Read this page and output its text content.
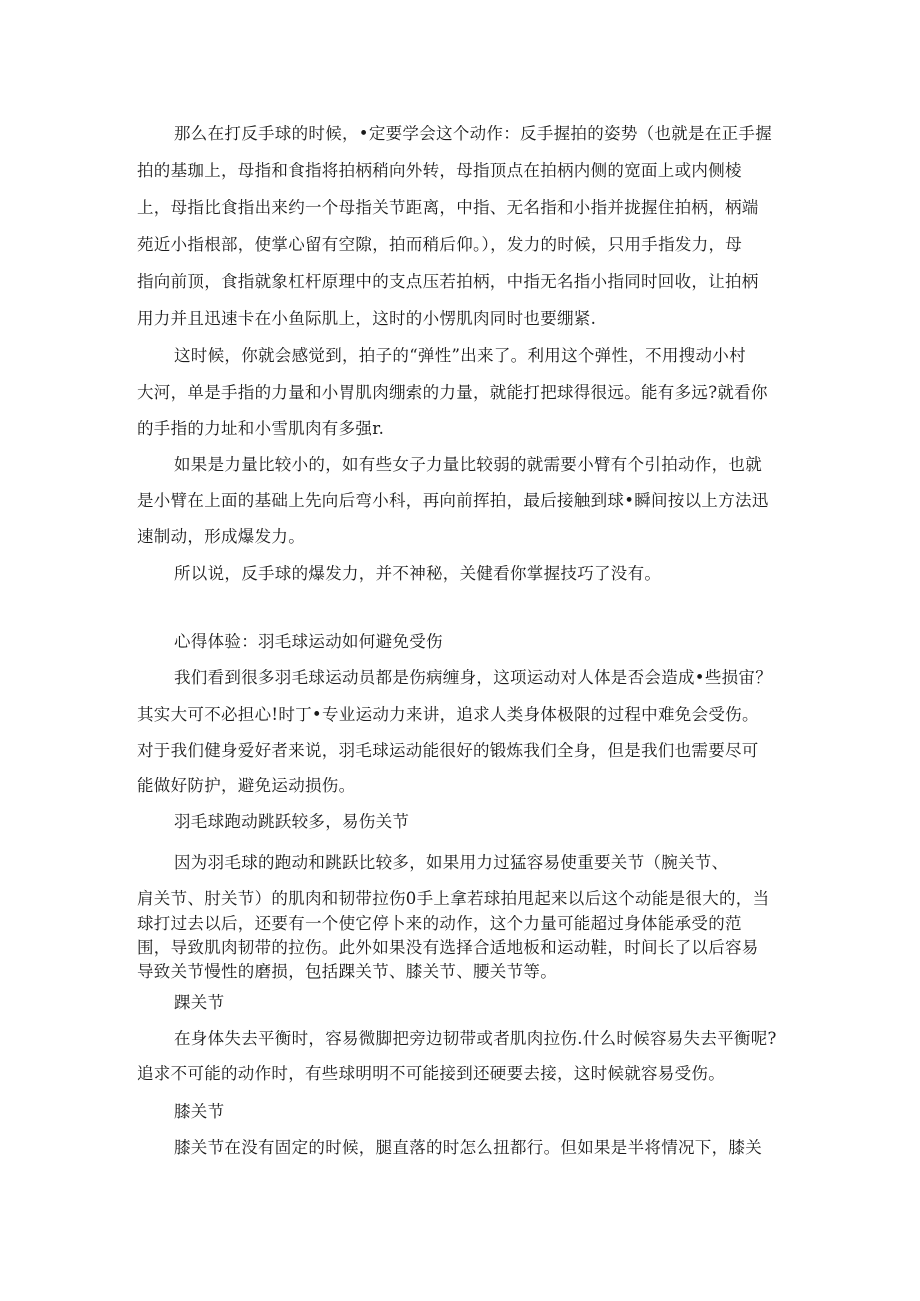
那么在打反手球的时候，•定要学会这个动作：反手握拍的姿势（也就是在正手握
拍的基珈上，母指和食指将拍柄稍向外转，母指顶点在拍柄内侧的宽面上或内侧棱
上，母指比食指出来约一个母指关节距离，中指、无名指和小指并拢握住拍柄，柄端
苑近小指根部，使掌心留有空隙，拍而稍后仰。），发力的时候，只用手指发力，母
指向前顶，食指就象杠杆原理中的支点压若拍柄，中指无名指小指同时回收，让拍柄
用力并且迅速卡在小鱼际肌上，这时的小愣肌肉同时也要绷紧.
这时候，你就会感觉到，拍子的“弹性”出来了。利用这个弹性，不用搜动小村
大河，单是手指的力量和小胃肌肉绷索的力量，就能打把球得很远。能有多远?就看你
的手指的力址和小雪肌肉有多强r.
如果是力量比较小的，如有些女子力量比较弱的就需要小臂有个引拍动作，也就
是小臂在上面的基础上先向后弯小科，再向前挥拍，最后接触到球•瞬间按以上方法迅
速制动，形成爆发力。
所以说，反手球的爆发力，并不神秘，关健看你掌握技巧了没有。
心得体验：羽毛球运动如何避免受伤
我们看到很多羽毛球运动员都是伤病缠身，这项运动对人体是否会造成•些损宙？
其实大可不必担心!时丁•专业运动力来讲，追求人类身体极限的过程中难免会受伤。
对于我们健身爱好者来说，羽毛球运动能很好的锻炼我们全身，但是我们也需要尽可
能做好防护，避免运动损伤。
羽毛球跑动跳跃较多，易伤关节
因为羽毛球的跑动和跳跃比较多，如果用力过猛容易使重要关节（腕关节、
肩关节、肘关节）的肌肉和韧带拉伤0手上拿若球拍甩起来以后这个动能是很大的，当
球打过去以后，还要有一个使它停卜来的动作，这个力量可能超过身体能承受的范
围，导致肌肉韧带的拉伤。此外如果没有选择合适地板和运动鞋，时间长了以后容易
导致关节慢性的磨损，包括踝关节、膝关节、腰关节等。
踝关节
在身体失去平衡时，容易微脚把旁边韧带或者肌肉拉伤.什么时候容易失去平衡呢?
追求不可能的动作时，有些球明明不可能接到还硬要去接，这时候就容易受伤。
膝关节
膝关节在没有固定的时候，腿直落的时怎么扭都行。但如果是半将情况下，膝关
